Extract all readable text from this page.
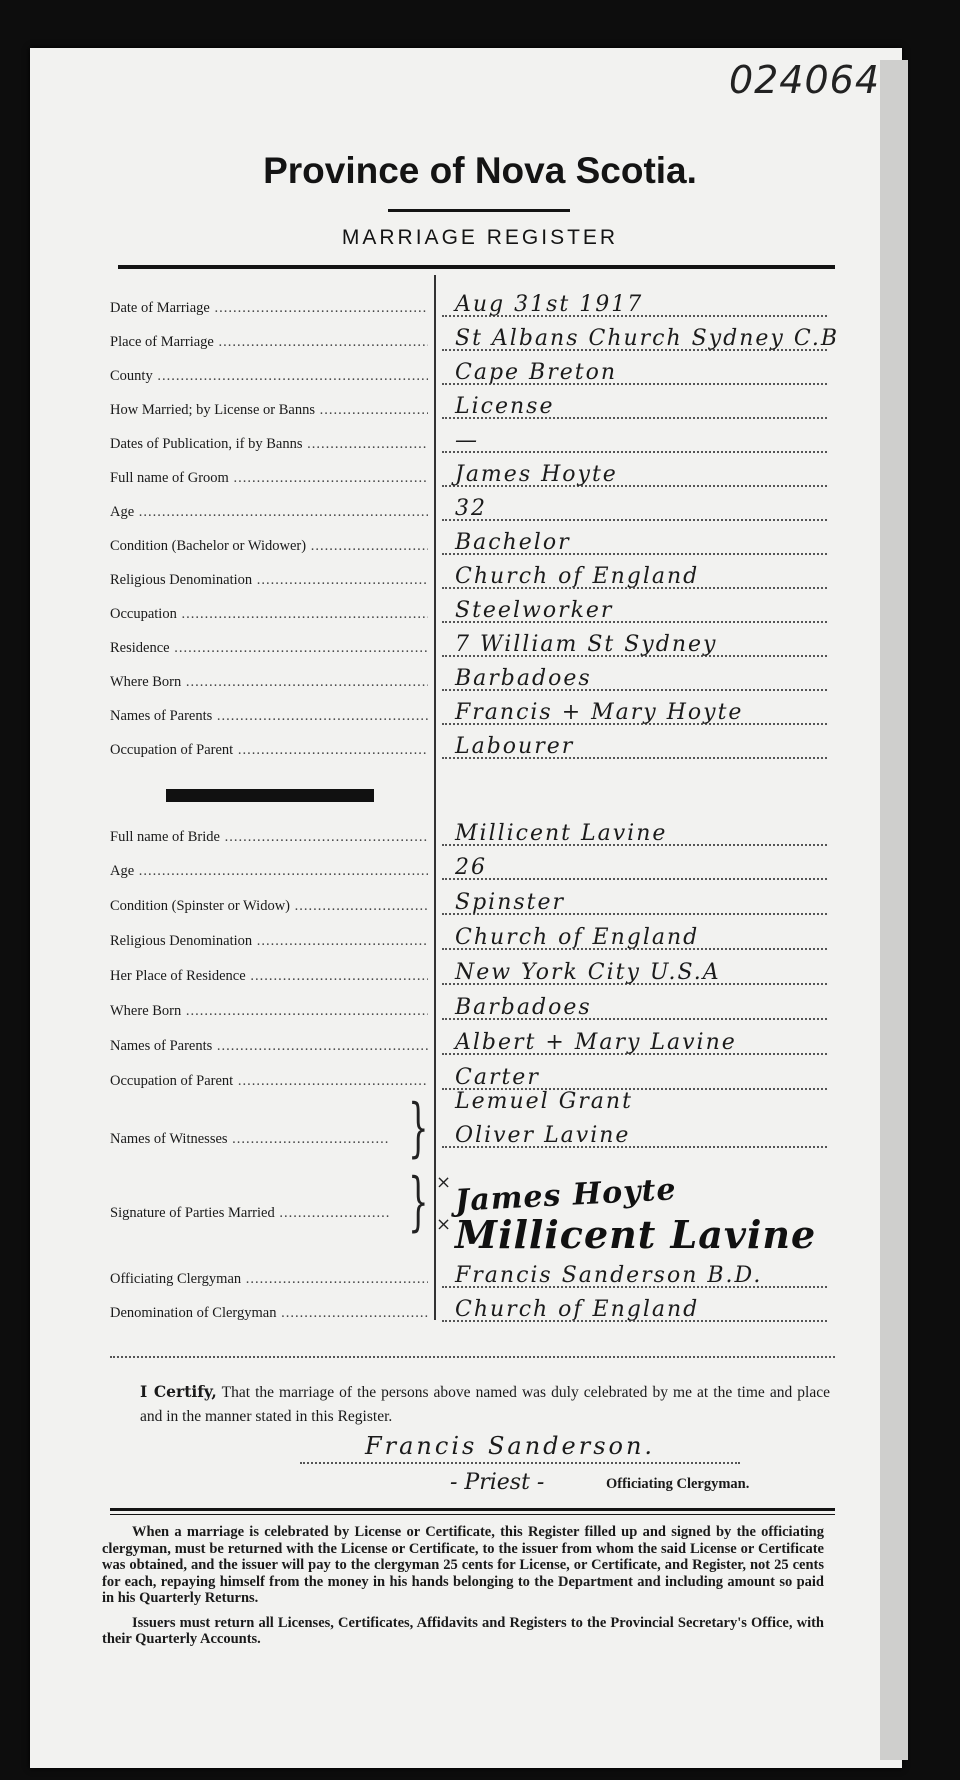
024064
Province of Nova Scotia.
MARRIAGE REGISTER
Date of Marriage .....	Aug 31st 1917
Place of Marriage .....	St Albans Church Sydney C.B
County .....	Cape Breton
How Married; by License or Banns .....	License
Dates of Publication, if by Banns .....	—
Full name of Groom .....	James Hoyte
Age .....	32
Condition (Bachelor or Widower) .....	Bachelor
Religious Denomination .....	Church of England
Occupation .....	Steelworker
Residence .....	7 William St Sydney
Where Born .....	Barbadoes
Names of Parents .....	Francis + Mary Hoyte
Occupation of Parent .....	Labourer
Full name of Bride .....	Millicent Lavine
Age .....	26
Condition (Spinster or Widow) .....	Spinster
Religious Denomination .....	Church of England
Her Place of Residence .....	New York City U.S.A
Where Born .....	Barbadoes
Names of Parents .....	Albert + Mary Lavine
Occupation of Parent .....	Carter
Names of Witnesses .....	} Lemuel Grant
Oliver Lavine
Signature of Parties Married .....	} ×
×
James Hoyte
Millicent Lavine
Officiating Clergyman .....	Francis Sanderson B.D.
Denomination of Clergyman .....	Church of England
I Certify, That the marriage of the persons above named was duly celebrated by me at the time and place and in the manner stated in this Register.
Francis Sanderson.
- Priest -	Officiating Clergyman.

When a marriage is celebrated by License or Certificate, this Register filled up and signed by the officiating clergyman, must be returned with the License or Certificate, to the issuer from whom the said License or Certificate was obtained, and the issuer will pay to the clergyman 25 cents for License, or Certificate, and Register, not 25 cents for each, repaying himself from the money in his hands belonging to the Department and including amount so paid in his Quarterly Returns.

Issuers must return all Licenses, Certificates, Affidavits and Registers to the Provincial Secretary's Office, with their Quarterly Accounts.
